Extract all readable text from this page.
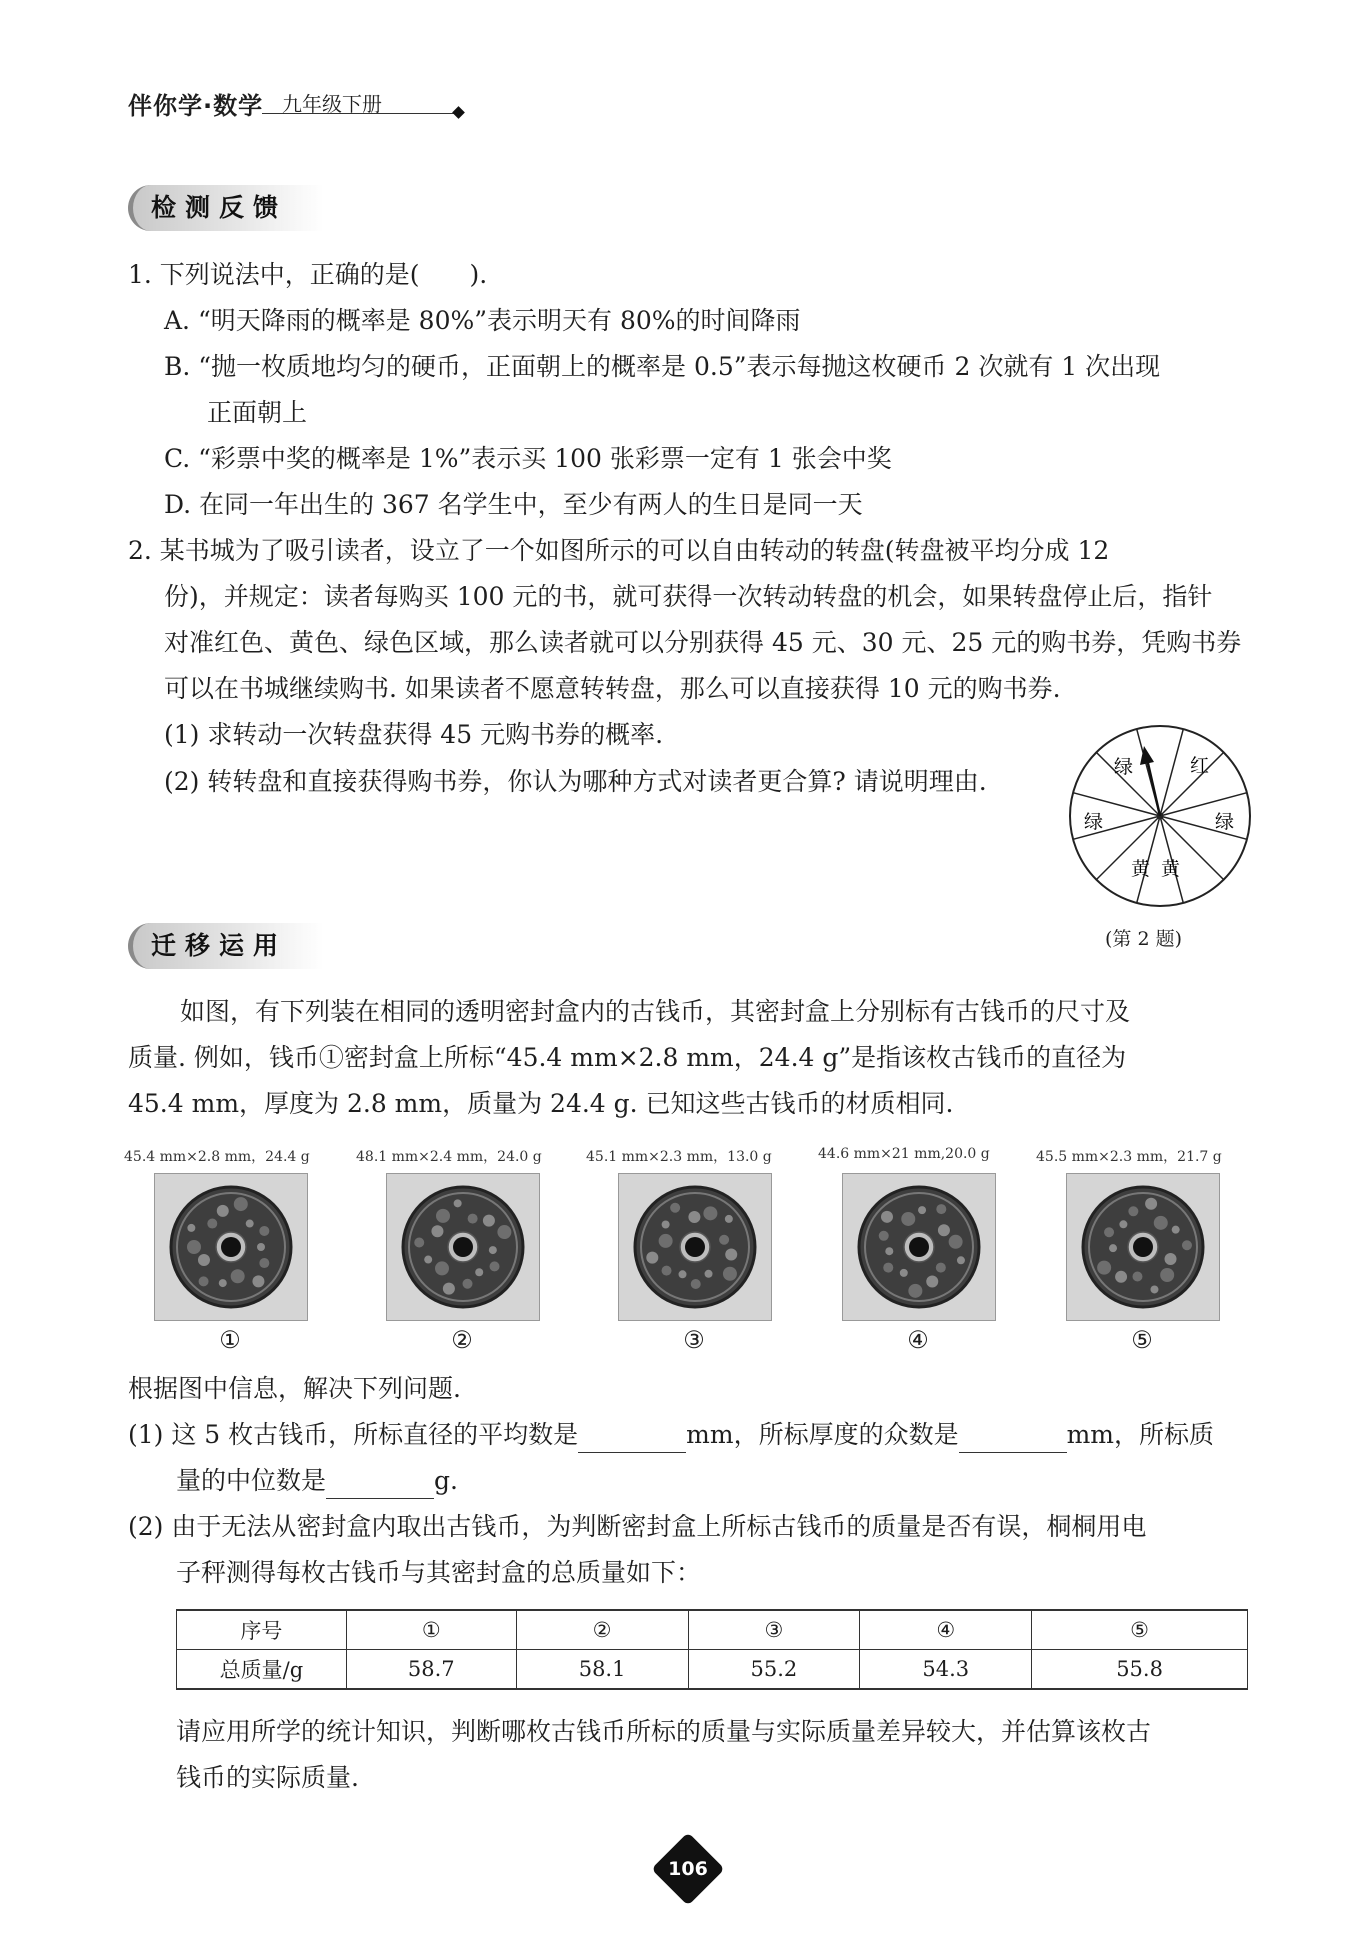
伴你学·数学 九年级下册
检测反馈
1. 下列说法中，正确的是(　　).
A. “明天降雨的概率是 80%”表示明天有 80%的时间降雨
B. “抛一枚质地均匀的硬币，正面朝上的概率是 0.5”表示每抛这枚硬币 2 次就有 1 次出现
正面朝上
C. “彩票中奖的概率是 1%”表示买 100 张彩票一定有 1 张会中奖
D. 在同一年出生的 367 名学生中，至少有两人的生日是同一天
2. 某书城为了吸引读者，设立了一个如图所示的可以自由转动的转盘(转盘被平均分成 12
份)，并规定：读者每购买 100 元的书，就可获得一次转动转盘的机会，如果转盘停止后，指针
对准红色、黄色、绿色区域，那么读者就可以分别获得 45 元、30 元、25 元的购书券，凭购书券
可以在书城继续购书. 如果读者不愿意转转盘，那么可以直接获得 10 元的购书券.
(1) 求转动一次转盘获得 45 元购书券的概率.
(2) 转转盘和直接获得购书券，你认为哪种方式对读者更合算? 请说明理由.	绿	红
绿	绿
黄 黄
(第 2 题)
迁移运用
如图，有下列装在相同的透明密封盒内的古钱币，其密封盒上分别标有古钱币的尺寸及
质量. 例如，钱币①密封盒上所标“45.4 mm×2.8 mm，24.4 g”是指该枚古钱币的直径为
45.4 mm，厚度为 2.8 mm，质量为 24.4 g. 已知这些古钱币的材质相同.
45.4 mm×2.8 mm，24.4 g	48.1 mm×2.4 mm，24.0 g	45.1 mm×2.3 mm，13.0 g	44.6 mm×21 mm,20.0 g	45.5 mm×2.3 mm，21.7 g
①	②	③	④	⑤
根据图中信息，解决下列问题.
(1) 这 5 枚古钱币，所标直径的平均数是	mm，所标厚度的众数是	mm，所标质
量的中位数是	g.
(2) 由于无法从密封盒内取出古钱币，为判断密封盒上所标古钱币的质量是否有误，桐桐用电
子秤测得每枚古钱币与其密封盒的总质量如下：
序号	①	②	③	④	⑤
总质量/g	58.7	58.1	55.2	54.3	55.8
请应用所学的统计知识，判断哪枚古钱币所标的质量与实际质量差异较大，并估算该枚古
钱币的实际质量.
106
